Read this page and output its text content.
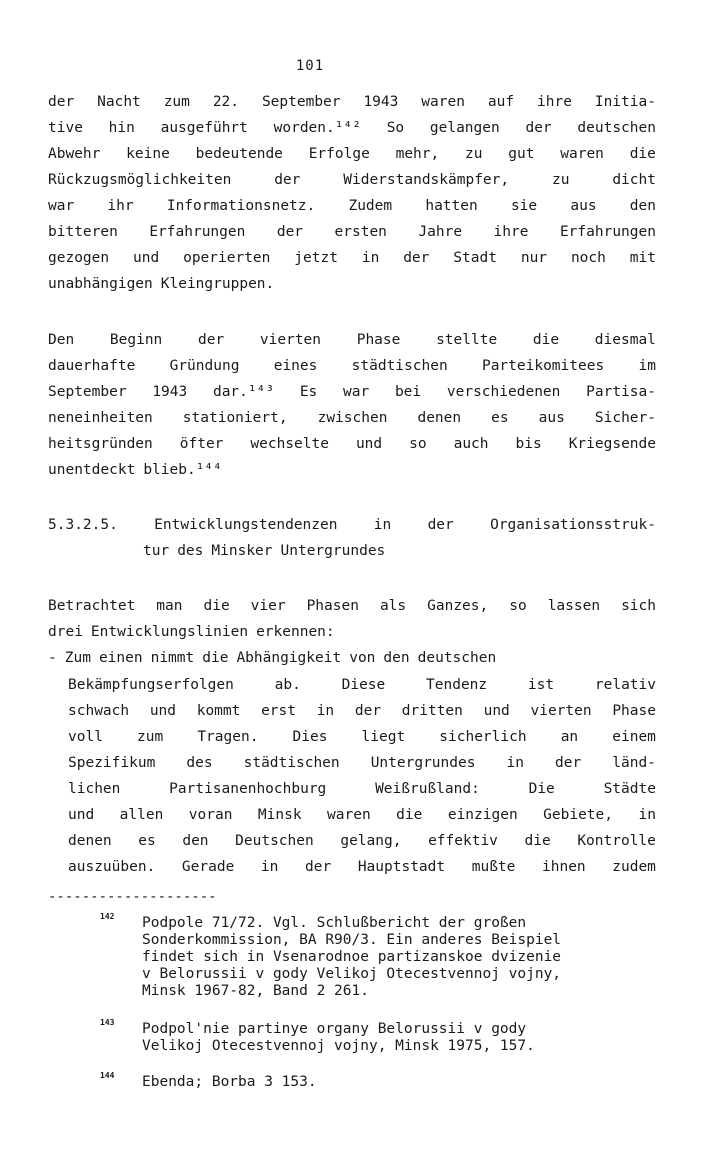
101
der Nacht zum 22. September 1943 waren auf ihre Initia-
tive hin ausgeführt worden.¹⁴² So gelangen der deutschen
Abwehr keine bedeutende Erfolge mehr, zu gut waren die
Rückzugsmöglichkeiten	der	Widerstandskämpfer,	zu	dicht
war ihr Informationsnetz. Zudem hatten sie aus den
bitteren Erfahrungen der ersten Jahre ihre Erfahrungen
gezogen und operierten jetzt in der Stadt nur noch mit
unabhängigen Kleingruppen.
Den Beginn der vierten Phase stellte die diesmal
dauerhafte Gründung eines städtischen Parteikomitees im
September 1943 dar.¹⁴³ Es war bei verschiedenen Partisa-
neneinheiten stationiert, zwischen denen es aus Sicher-
heitsgründen öfter wechselte und so auch bis Kriegsende
unentdeckt blieb.¹⁴⁴
5.3.2.5.	Entwicklungstendenzen	in	der	Organisationsstruk-
tur des Minsker Untergrundes
Betrachtet man die vier Phasen als Ganzes, so lassen sich
drei Entwicklungslinien erkennen:
- Zum einen nimmt die Abhängigkeit von den deutschen
Bekämpfungserfolgen	ab.	Diese	Tendenz	ist	relativ
schwach und kommt erst in der dritten und vierten Phase
voll zum Tragen. Dies liegt sicherlich an einem
Spezifikum des städtischen Untergrundes in der länd-
lichen	Partisanenhochburg	Weißrußland:	Die	Städte
und allen voran Minsk waren die einzigen Gebiete, in
denen es den Deutschen gelang, effektiv die Kontrolle
auszuüben. Gerade in der Hauptstadt mußte ihnen zudem
--------------------
142 Podpole 71/72. Vgl. Schlußbericht der großen
Sonderkommission, BA R90/3. Ein anderes Beispiel
findet sich in Vsenarodnoe partizanskoe dvizenie
v Belorussii v gody Velikoj Otecestvennoj vojny,
Minsk 1967-82, Band 2 261.
143 Podpol'nie partinye organy Belorussii v gody
Velikoj Otecestvennoj vojny, Minsk 1975, 157.
144 Ebenda; Borba 3 153.
